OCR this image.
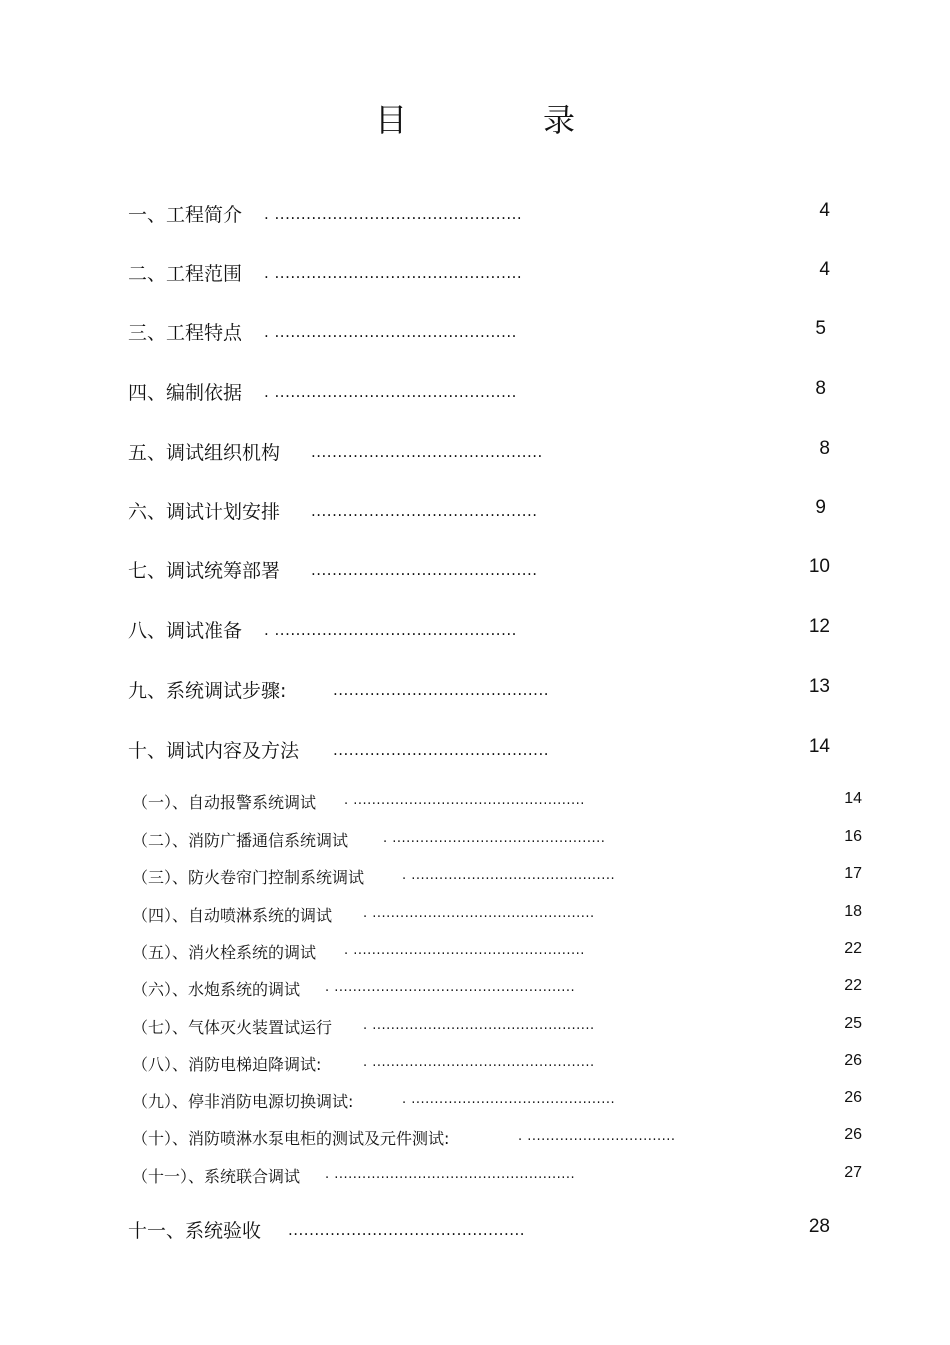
目　录
一、工程简介 . ...............................................	4
二、工程范围 . ...............................................	4
三、工程特点 . ..............................................	5
四、编制依据 . ..............................................	8
五、调试组织机构 ............................................	8
六、调试计划安排 ...........................................	9
七、调试统筹部署 ...........................................	10
八、调试准备 . ..............................................	12
九、系统调试步骤:	.........................................	13
十、调试内容及方法 .........................................	14
（一）、自动报警系统调试 . ..................................................	14
（二）、消防广播通信系统调试	. ..............................................	16
（三）、防火卷帘门控制系统调试	. ............................................	17
（四）、自动喷淋系统的调试 . ................................................	18
（五）、消火栓系统的调试 . ..................................................	22
（六）、水炮系统的调试 . ....................................................	22
（七）、气体灭火装置试运行 . ................................................	25
（八）、消防电梯迫降调试:	. ................................................	26
（九）、停非消防电源切换调试:	. ............................................	26
（十）、消防喷淋水泵电柜的测试及元件测试:	. ................................	26
（十一）、系统联合调试 . ....................................................	27
十一、系统验收 .............................................	28
